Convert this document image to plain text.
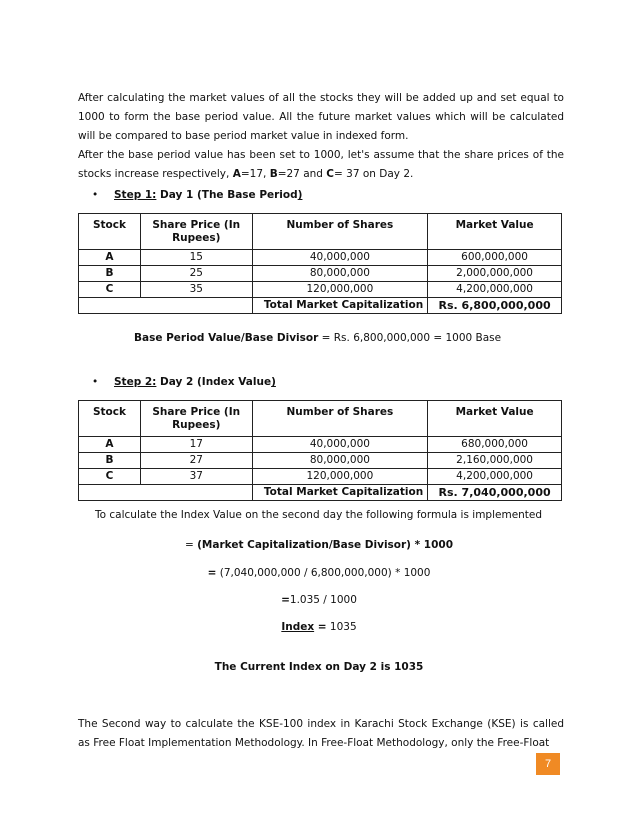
After calculating the market values of all the stocks they will be added up and set equal to 1000 to form the base period value. All the future market values which will be calculated will be compared to base period market value in indexed form.

After the base period value has been set to 1000, let's assume that the share prices of the stocks increase respectively, A=17, B=27 and C= 37 on Day 2.

• Step 1: Day 1 (The Base Period)
Stock	Share Price (In Rupees)	Number of Shares	Market Value
A	15	40,000,000	600,000,000
B	25	80,000,000	2,000,000,000
C	35	120,000,000	4,200,000,000
		Total Market Capitalization	Rs. 6,800,000,000
Base Period Value/Base Divisor = Rs. 6,800,000,000 = 1000 Base
• Step 2: Day 2 (Index Value)
Stock	Share Price (In Rupees)	Number of Shares	Market Value
A	17	40,000,000	680,000,000
B	27	80,000,000	2,160,000,000
C	37	120,000,000	4,200,000,000
		Total Market Capitalization	Rs. 7,040,000,000
To calculate the Index Value on the second day the following formula is implemented
= (Market Capitalization/Base Divisor) * 1000
= (7,040,000,000 / 6,800,000,000) * 1000
=1.035 / 1000
Index = 1035
The Current Index on Day 2 is 1035

The Second way to calculate the KSE-100 index in Karachi Stock Exchange (KSE) is called as Free Float Implementation Methodology. In Free-Float Methodology, only the Free-Float

7
